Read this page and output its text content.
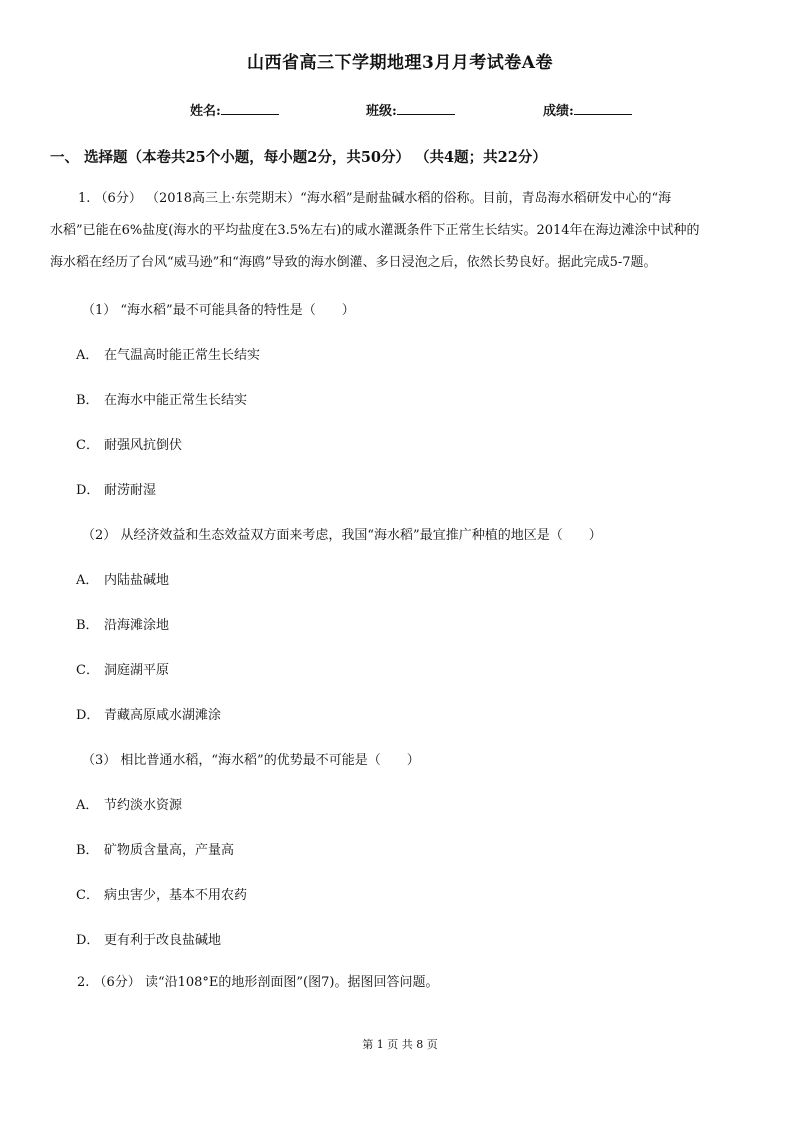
山西省高三下学期地理3月月考试卷A卷
姓名:	班级:	成绩:
一、 选择题（本卷共25个小题，每小题2分，共50分） （共4题；共22分）
1. （6分） （2018高三上·东莞期末）“海水稻”是耐盐碱水稻的俗称。目前，青岛海水稻研发中心的“海
水稻”已能在6%盐度(海水的平均盐度在3.5%左右)的咸水灌溉条件下正常生长结实。2014年在海边滩涂中试种的
海水稻在经历了台风“威马逊”和“海鸥”导致的海水倒灌、多日浸泡之后，依然长势良好。据此完成5-7题。
（1） “海水稻”最不可能具备的特性是（　　）
A． 在气温高时能正常生长结实
B． 在海水中能正常生长结实
C． 耐强风抗倒伏
D． 耐涝耐湿
（2） 从经济效益和生态效益双方面来考虑，我国“海水稻”最宜推广种植的地区是（　　）
A． 内陆盐碱地
B． 沿海滩涂地
C． 洞庭湖平原
D． 青藏高原咸水湖滩涂
（3） 相比普通水稻，“海水稻”的优势最不可能是（　　）
A． 节约淡水资源
B． 矿物质含量高，产量高
C． 病虫害少，基本不用农药
D． 更有利于改良盐碱地
2. （6分） 读“沿108°E的地形剖面图”(图7)。据图回答问题。
第 1 页 共 8 页
